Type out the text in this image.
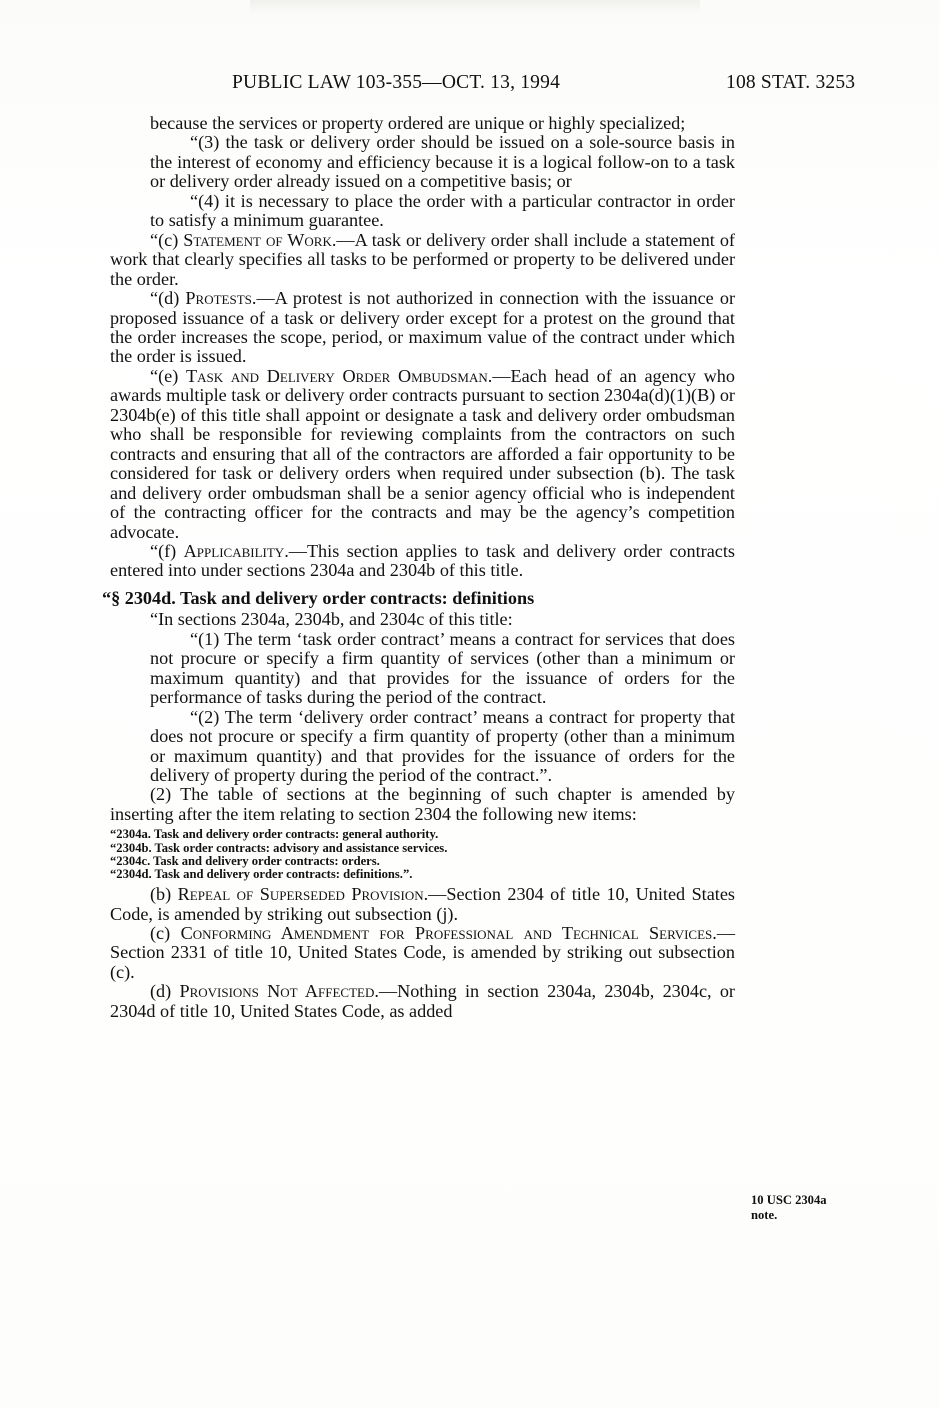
PUBLIC LAW 103-355—OCT. 13, 1994	108 STAT. 3253

because the services or property ordered are unique or highly specialized;

“(3) the task or delivery order should be issued on a sole-source basis in the interest of economy and efficiency because it is a logical follow-on to a task or delivery order already issued on a competitive basis; or

“(4) it is necessary to place the order with a particular contractor in order to satisfy a minimum guarantee.

“(c) Statement of Work.—A task or delivery order shall include a statement of work that clearly specifies all tasks to be performed or property to be delivered under the order.

“(d) Protests.—A protest is not authorized in connection with the issuance or proposed issuance of a task or delivery order except for a protest on the ground that the order increases the scope, period, or maximum value of the contract under which the order is issued.

“(e) Task and Delivery Order Ombudsman.—Each head of an agency who awards multiple task or delivery order contracts pursuant to section 2304a(d)(1)(B) or 2304b(e) of this title shall appoint or designate a task and delivery order ombudsman who shall be responsible for reviewing complaints from the contractors on such contracts and ensuring that all of the contractors are afforded a fair opportunity to be considered for task or delivery orders when required under subsection (b). The task and delivery order ombudsman shall be a senior agency official who is independent of the contracting officer for the contracts and may be the agency’s competition advocate.

“(f) Applicability.—This section applies to task and delivery order contracts entered into under sections 2304a and 2304b of this title.

“§ 2304d. Task and delivery order contracts: definitions

“In sections 2304a, 2304b, and 2304c of this title:

“(1) The term ‘task order contract’ means a contract for services that does not procure or specify a firm quantity of services (other than a minimum or maximum quantity) and that provides for the issuance of orders for the performance of tasks during the period of the contract.

“(2) The term ‘delivery order contract’ means a contract for property that does not procure or specify a firm quantity of property (other than a minimum or maximum quantity) and that provides for the issuance of orders for the delivery of property during the period of the contract.”.

(2) The table of sections at the beginning of such chapter is amended by inserting after the item relating to section 2304 the following new items:

“2304a. Task and delivery order contracts: general authority.

“2304b. Task order contracts: advisory and assistance services.

“2304c. Task and delivery order contracts: orders.

“2304d. Task and delivery order contracts: definitions.”.

(b) Repeal of Superseded Provision.—Section 2304 of title 10, United States Code, is amended by striking out subsection (j).

(c) Conforming Amendment for Professional and Technical Services.—Section 2331 of title 10, United States Code, is amended by striking out subsection (c).

(d) Provisions Not Affected.—Nothing in section 2304a, 2304b, 2304c, or 2304d of title 10, United States Code, as added

10 USC 2304a
note.
